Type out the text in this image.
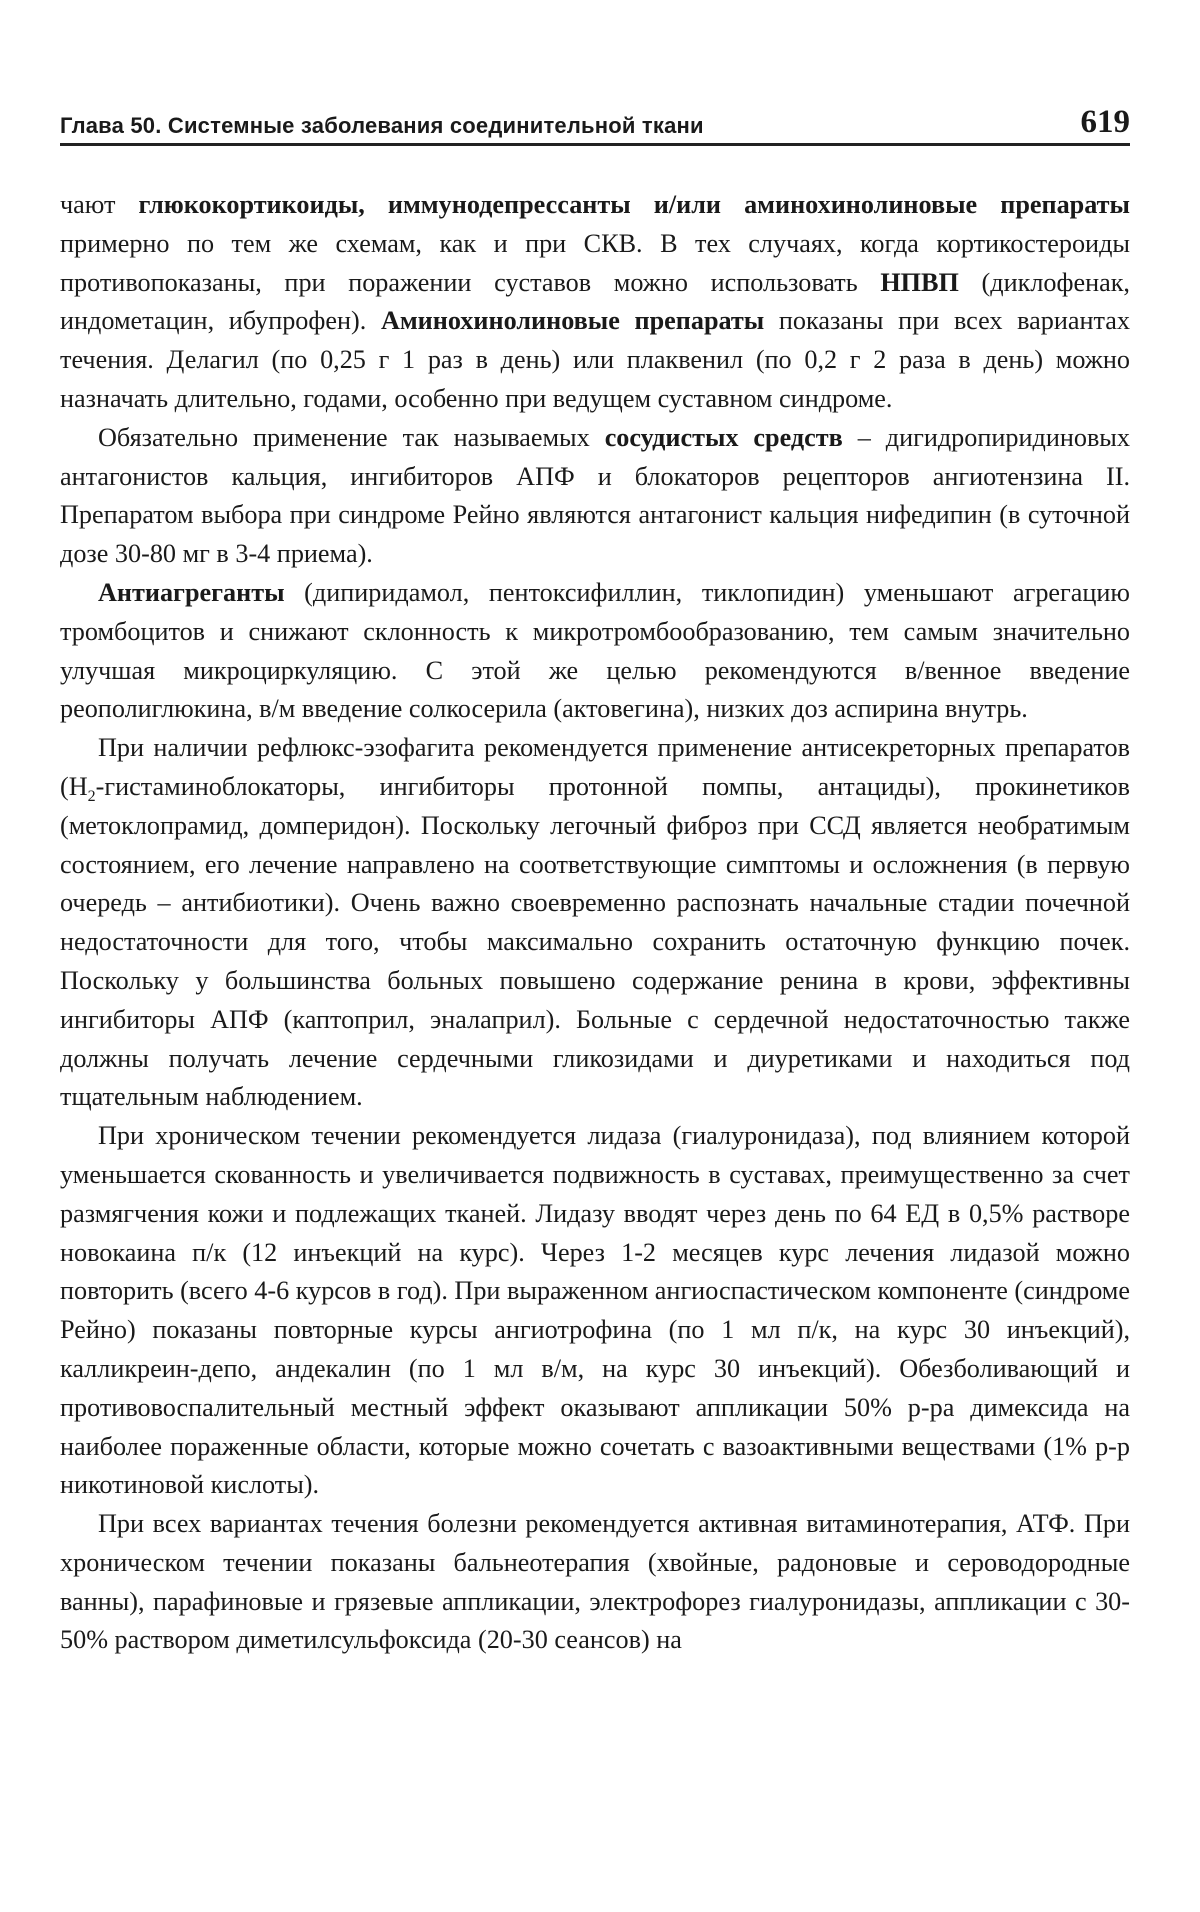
Глава 50. Системные заболевания соединительной ткани	619

чают глюкокортикоиды, иммунодепрессанты и/или аминохинолиновые препараты примерно по тем же схемам, как и при СКВ. В тех случаях, когда кортикостероиды противопоказаны, при поражении суставов можно использовать НПВП (диклофенак, индометацин, ибупрофен). Аминохинолиновые препараты показаны при всех вариантах течения. Делагил (по 0,25 г 1 раз в день) или плаквенил (по 0,2 г 2 раза в день) можно назначать длительно, годами, особенно при ведущем суставном синдроме.

Обязательно применение так называемых сосудистых средств – дигидропиридиновых антагонистов кальция, ингибиторов АПФ и блокаторов рецепторов ангиотензина II. Препаратом выбора при синдроме Рейно являются антагонист кальция нифедипин (в суточной дозе 30-80 мг в 3-4 приема).

Антиагреганты (дипиридамол, пентоксифиллин, тиклопидин) уменьшают агрегацию тромбоцитов и снижают склонность к микротромбообразованию, тем самым значительно улучшая микроциркуляцию. С этой же целью рекомендуются в/венное введение реополиглюкина, в/м введение солкосерила (актовегина), низких доз аспирина внутрь.

При наличии рефлюкс-эзофагита рекомендуется применение антисекреторных препаратов ($Н_2$-гистаминоблокаторы, ингибиторы протонной помпы, антациды), прокинетиков (метоклопрамид, домперидон). Поскольку легочный фиброз при ССД является необратимым состоянием, его лечение направлено на соответствующие симптомы и осложнения (в первую очередь – антибиотики). Очень важно своевременно распознать начальные стадии почечной недостаточности для того, чтобы максимально сохранить остаточную функцию почек. Поскольку у большинства больных повышено содержание ренина в крови, эффективны ингибиторы АПФ (каптоприл, эналаприл). Больные с сердечной недостаточностью также должны получать лечение сердечными гликозидами и диуретиками и находиться под тщательным наблюдением.

При хроническом течении рекомендуется лидаза (гиалуронидаза), под влиянием которой уменьшается скованность и увеличивается подвижность в суставах, преимущественно за счет размягчения кожи и подлежащих тканей. Лидазу вводят через день по 64 ЕД в 0,5% растворе новокаина п/к (12 инъекций на курс). Через 1-2 месяцев курс лечения лидазой можно повторить (всего 4-6 курсов в год). При выраженном ангиоспастическом компоненте (синдроме Рейно) показаны повторные курсы ангиотрофина (по 1 мл п/к, на курс 30 инъекций), калликреин-депо, андекалин (по 1 мл в/м, на курс 30 инъекций). Обезболивающий и противовоспалительный местный эффект оказывают аппликации 50% р-ра димексида на наиболее пораженные области, которые можно сочетать с вазоактивными веществами (1% р-р никотиновой кислоты).

При всех вариантах течения болезни рекомендуется активная витаминотерапия, АТФ. При хроническом течении показаны бальнеотерапия (хвойные, радоновые и сероводородные ванны), парафиновые и грязевые аппликации, электрофорез гиалуронидазы, аппликации с 30-50% раствором диметилсульфоксида (20-30 сеансов) на
